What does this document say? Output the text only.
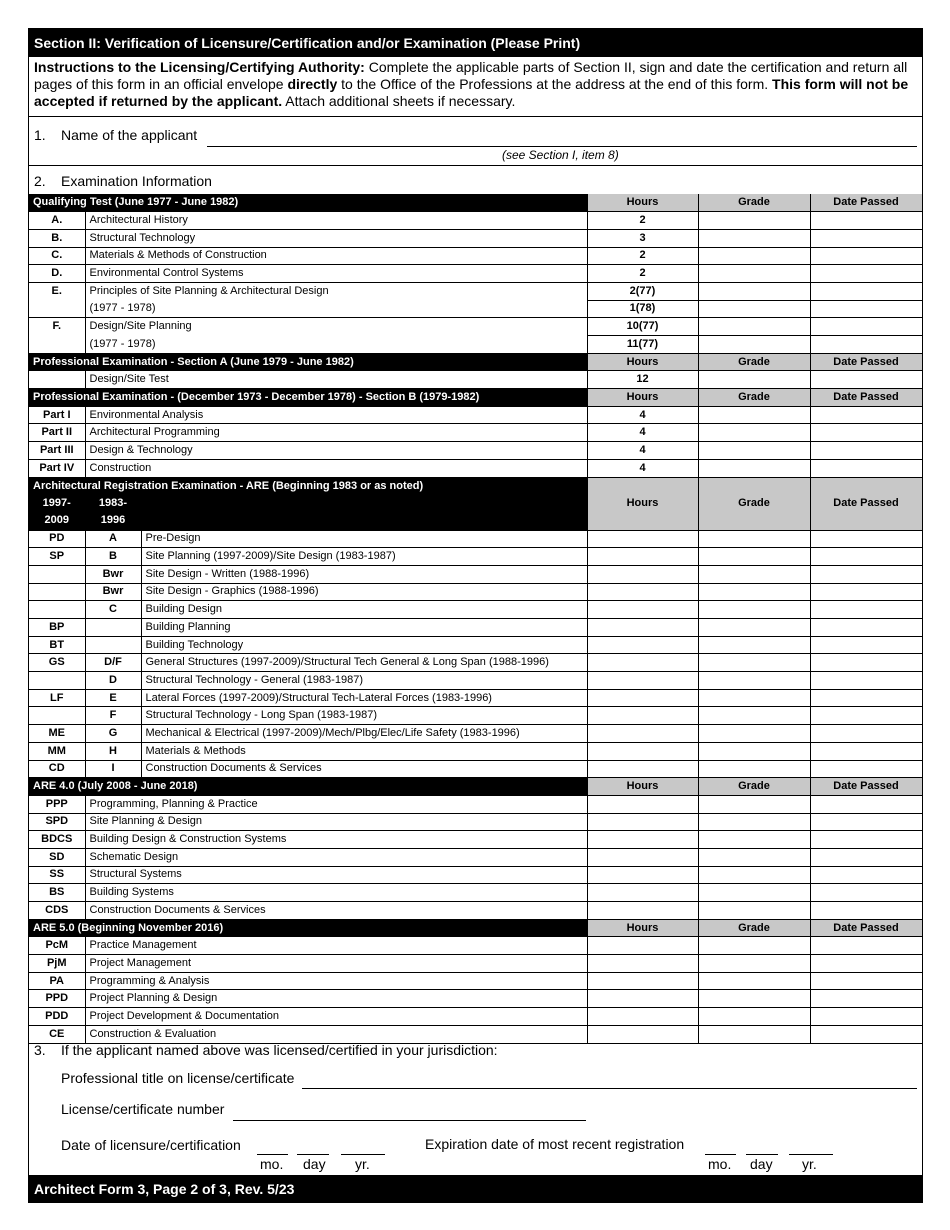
Section II: Verification of Licensure/Certification and/or Examination (Please Print)
Instructions to the Licensing/Certifying Authority: Complete the applicable parts of Section II, sign and date the certification and return all pages of this form in an official envelope directly to the Office of the Professions at the address at the end of this form. This form will not be accepted if returned by the applicant. Attach additional sheets if necessary.
1. Name of the applicant
(see Section I, item 8)
2. Examination Information
Qualifying Test (June 1977 - June 1982)			Hours	Grade	Date Passed
A.	Architectural History		2		
B.	Structural Technology		3		
C.	Materials & Methods of Construction		2		
D.	Environmental Control Systems		2		
E.	Principles of Site Planning & Architectural Design		2(77)		
	(1977 - 1978)		1(78)		
F.	Design/Site Planning		10(77)		
	(1977 - 1978)		11(77)		
Professional Examination - Section A (June 1979 - June 1982)			Hours	Grade	Date Passed
	Design/Site Test		12		
Professional Examination - (December 1973 - December 1978) - Section B (1979-1982)			Hours	Grade	Date Passed
Part I	Environmental Analysis		4		
Part II	Architectural Programming		4		
Part III	Design & Technology		4		
Part IV	Construction		4		
Architectural Registration Examination - ARE (Beginning 1983 or as noted)			Hours	Grade	Date Passed
1997-	1983-				
2009	1996				
PD	A	Pre-Design			
SP	B	Site Planning (1997-2009)/Site Design (1983-1987)			
	Bwr	Site Design - Written (1988-1996)			
	Bwr	Site Design - Graphics (1988-1996)			
	C	Building Design			
BP		Building Planning			
BT		Building Technology			
GS	D/F	General Structures (1997-2009)/Structural Tech General & Long Span (1988-1996)			
	D	Structural Technology - General (1983-1987)			
LF	E	Lateral Forces (1997-2009)/Structural Tech-Lateral Forces (1983-1996)			
	F	Structural Technology - Long Span (1983-1987)			
ME	G	Mechanical & Electrical (1997-2009)/Mech/Plbg/Elec/Life Safety (1983-1996)			
MM	H	Materials & Methods			
CD	I	Construction Documents & Services			
ARE 4.0 (July 2008 - June 2018)			Hours	Grade	Date Passed
PPP	Programming, Planning & Practice				
SPD	Site Planning & Design				
BDCS	Building Design & Construction Systems				
SD	Schematic Design				
SS	Structural Systems				
BS	Building Systems				
CDS	Construction Documents & Services				
ARE 5.0 (Beginning November 2016)			Hours	Grade	Date Passed
PcM	Practice Management				
PjM	Project Management				
PA	Programming & Analysis				
PPD	Project Planning & Design				
PDD	Project Development & Documentation				
CE	Construction & Evaluation				
3. If the applicant named above was licensed/certified in your jurisdiction:
Professional title on license/certificate
License/certificate number
Date of licensure/certification
mo. day yr.
Expiration date of most recent registration
mo. day yr.
Architect Form 3, Page 2 of 3, Rev. 5/23
